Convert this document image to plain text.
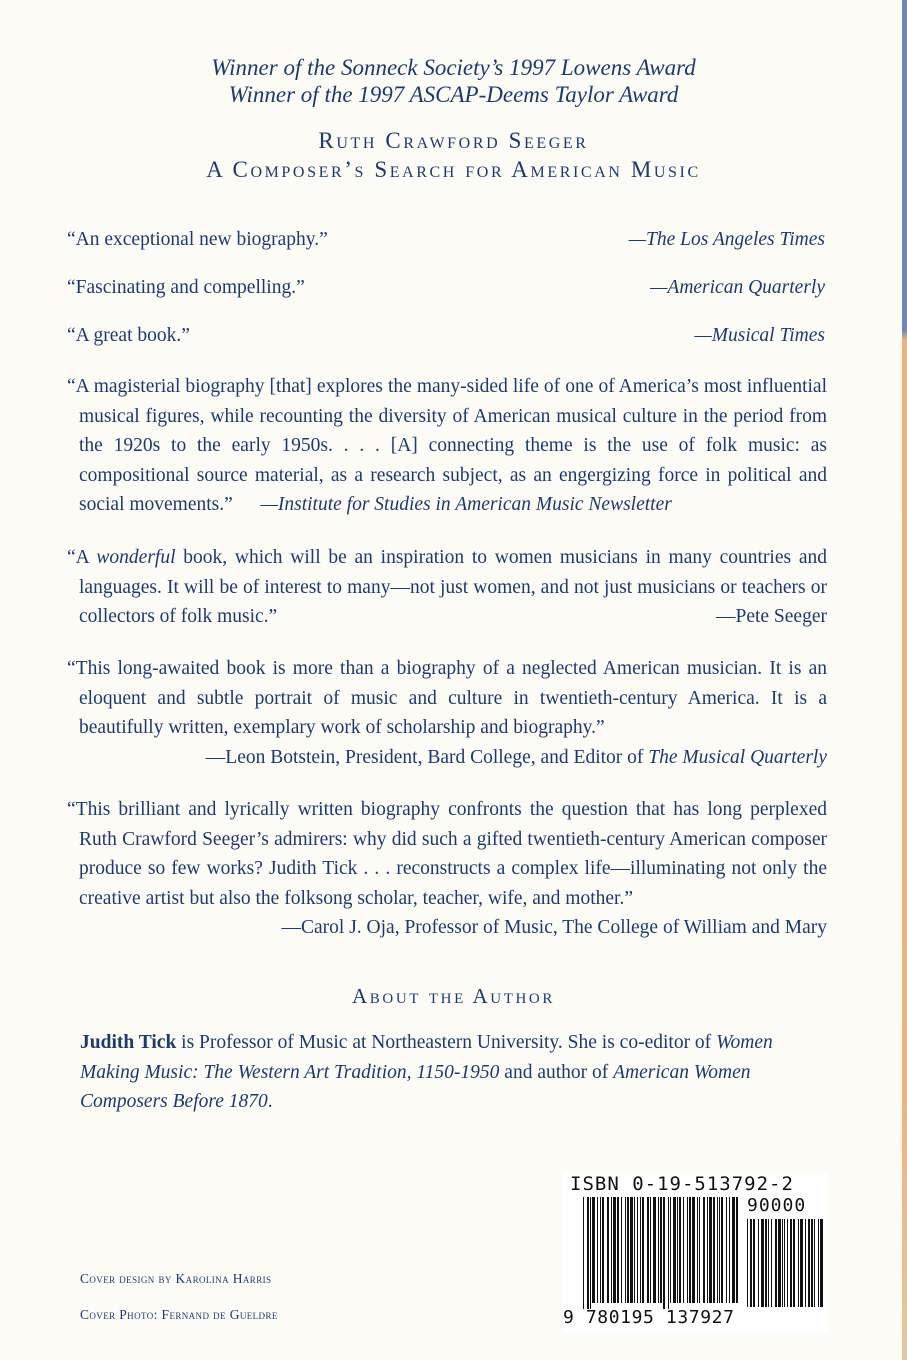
Winner of the Sonneck Society’s 1997 Lowens Award
Winner of the 1997 ASCAP-Deems Taylor Award
Ruth Crawford Seeger
A Composer’s Search for American Music
“An exceptional new biography.”	—The Los Angeles Times
“Fascinating and compelling.”	—American Quarterly
“A great book.”	—Musical Times
“A magisterial biography [that] explores the many-sided life of one of America’s most influential musical figures, while recounting the diversity of American musical culture in the period from the 1920s to the early 1950s. . . . [A] connecting theme is the use of folk music: as compositional source material, as a research subject, as an engergizing force in political and social movements.” —Institute for Studies in American Music Newsletter
“A wonderful book, which will be an inspiration to women musicians in many countries and languages. It will be of interest to many—not just women, and not just musicians or teachers or collectors of folk music.”	—Pete Seeger
“This long-awaited book is more than a biography of a neglected American musician. It is an eloquent and subtle portrait of music and culture in twentieth-century America. It is a beautifully written, exemplary work of scholarship and biography.”
—Leon Botstein, President, Bard College, and Editor of The Musical Quarterly
“This brilliant and lyrically written biography confronts the question that has long perplexed Ruth Crawford Seeger’s admirers: why did such a gifted twentieth-century American composer produce so few works? Judith Tick . . . reconstructs a complex life—illuminating not only the creative artist but also the folksong scholar, teacher, wife, and mother.”
—Carol J. Oja, Professor of Music, The College of William and Mary
About the Author
Judith Tick is Professor of Music at Northeastern University. She is co-editor of Women Making Music: The Western Art Tradition, 1150-1950 and author of American Women Composers Before 1870.
Cover design by Karolina Harris
Cover Photo: Fernand de Gueldre
ISBN 0-19-513792-2
90000
9 780195 137927
